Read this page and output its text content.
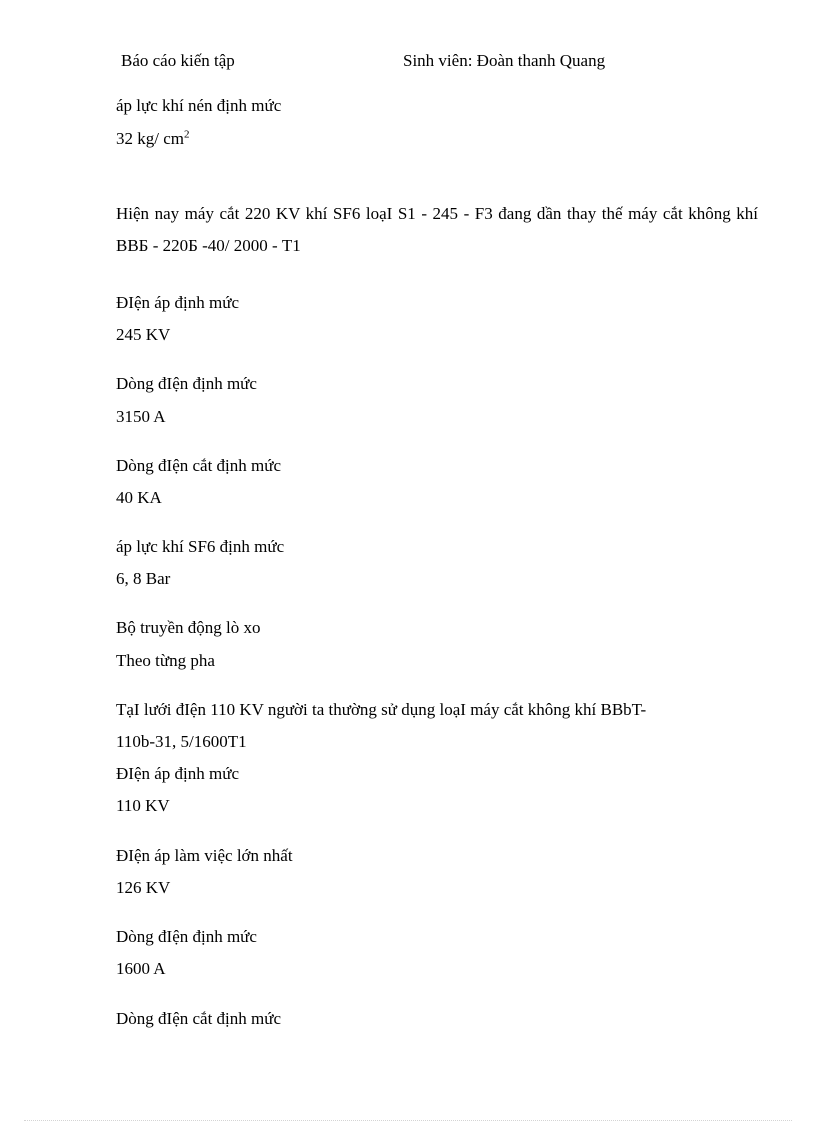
Báo cáo kiến tập	Sinh viên: Đoàn thanh Quang
áp lực khí nén định mức
32 kg/ $cm^2$
Hiện nay máy cắt 220 KV khí SF6 loạI S1 - 245 - F3 đang dần thay thế máy cắt không khí BBБ - 220Б -40/ 2000 - T1
ĐIện áp định mức
245 KV
Dòng đIện định mức
3150 A
Dòng đIện cắt định mức
40 KA
áp lực khí SF6 định mức
6, 8 Bar
Bộ truyền động lò xo
Theo từng pha
TạI lưới đIện 110 KV người ta thường sử dụng loạI máy cắt không khí BBbT-
110b-31, 5/1600T1
ĐIện áp định mức
110 KV
ĐIện áp làm việc lớn nhất
126 KV
Dòng đIện định mức
1600 A
Dòng đIện cắt định mức
